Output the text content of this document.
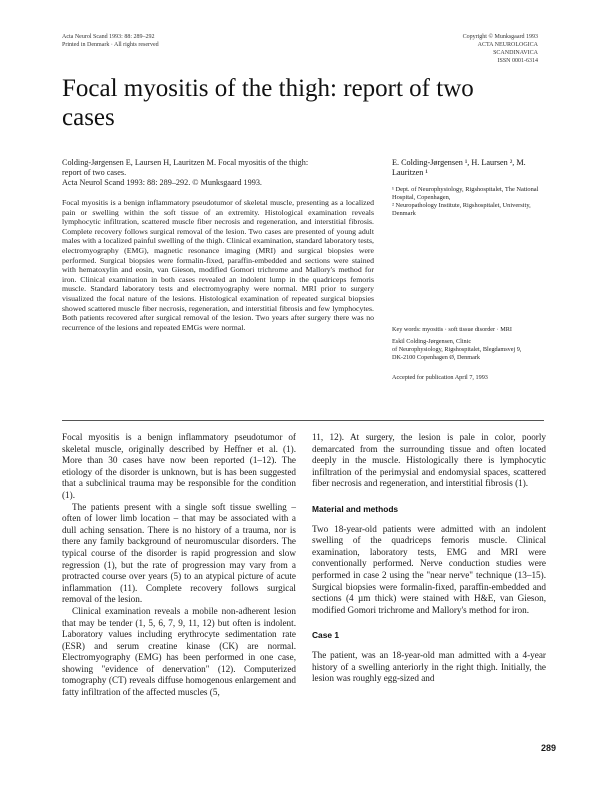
Acta Neurol Scand 1993: 88: 289–292
Printed in Denmark · All rights reserved
Copyright © Munksgaard 1993
ACTA NEUROLOGICA
SCANDINAVICA
ISSN 0001-6314
Focal myositis of the thigh: report of two cases
Colding-Jørgensen E, Laursen H, Lauritzen M. Focal myositis of the thigh:
report of two cases.
Acta Neurol Scand 1993: 88: 289–292. © Munksgaard 1993.
Focal myositis is a benign inflammatory pseudotumor of skeletal muscle, presenting as a localized pain or swelling within the soft tissue of an extremity. Histological examination reveals lymphocytic infiltration, scattered muscle fiber necrosis and regeneration, and interstitial fibrosis. Complete recovery follows surgical removal of the lesion. Two cases are presented of young adult males with a localized painful swelling of the thigh. Clinical examination, standard laboratory tests, electromyography (EMG), magnetic resonance imaging (MRI) and surgical biopsies were performed. Surgical biopsies were formalin-fixed, paraffin-embedded and sections were stained with hematoxylin and eosin, van Gieson, modified Gomori trichrome and Mallory's method for iron. Clinical examination in both cases revealed an indolent lump in the quadriceps femoris muscle. Standard laboratory tests and electromyography were normal. MRI prior to surgery visualized the focal nature of the lesions. Histological examination of repeated surgical biopsies showed scattered muscle fiber necrosis, regeneration, and interstitial fibrosis and few lymphocytes. Both patients recovered after surgical removal of the lesion. Two years after surgery there was no recurrence of the lesions and repeated EMGs were normal.
E. Colding-Jørgensen ¹, H. Laursen ², M. Lauritzen ¹
¹ Dept. of Neurophysiology, Rigshospitalet, The National Hospital, Copenhagen,
² Neuropathology Institute, Rigshospitalet, University, Denmark
Key words: myositis · soft tissue disorder · MRI
Eskil Colding-Jørgensen, Clinic
of Neurophysiology, Rigshospitalet, Blegdamsvej 9,
DK-2100 Copenhagen Ø, Denmark
Accepted for publication April 7, 1993

Focal myositis is a benign inflammatory pseudotumor of skeletal muscle, originally described by Heffner et al. (1). More than 30 cases have now been reported (1–12). The etiology of the disorder is unknown, but is has been suggested that a subclinical trauma may be responsible for the condition (1).

The patients present with a single soft tissue swelling – often of lower limb location – that may be associated with a dull aching sensation. There is no history of a trauma, nor is there any family background of neuromuscular disorders. The typical course of the disorder is rapid progression and slow regression (1), but the rate of progression may vary from a protracted course over years (5) to an atypical picture of acute inflammation (11). Complete recovery follows surgical removal of the lesion.

Clinical examination reveals a mobile non-adherent lesion that may be tender (1, 5, 6, 7, 9, 11, 12) but often is indolent. Laboratory values including erythrocyte sedimentation rate (ESR) and serum creatine kinase (CK) are normal. Electromyography (EMG) has been performed in one case, showing "evidence of denervation" (12). Computerized tomography (CT) reveals diffuse homogenous enlargement and fatty infiltration of the affected muscles (5,

11, 12). At surgery, the lesion is pale in color, poorly demarcated from the surrounding tissue and often located deeply in the muscle. Histologically there is lymphocytic infiltration of the perimysial and endomysial spaces, scattered fiber necrosis and regeneration, and interstitial fibrosis (1).

Material and methods

Two 18-year-old patients were admitted with an indolent swelling of the quadriceps femoris muscle. Clinical examination, laboratory tests, EMG and MRI were conventionally performed. Nerve conduction studies were performed in case 2 using the "near nerve" technique (13–15). Surgical biopsies were formalin-fixed, paraffin-embedded and sections (4 µm thick) were stained with H&E, van Gieson, modified Gomori trichrome and Mallory's method for iron.

Case 1

The patient, was an 18-year-old man admitted with a 4-year history of a swelling anteriorly in the right thigh. Initially, the lesion was roughly egg-sized and

289
